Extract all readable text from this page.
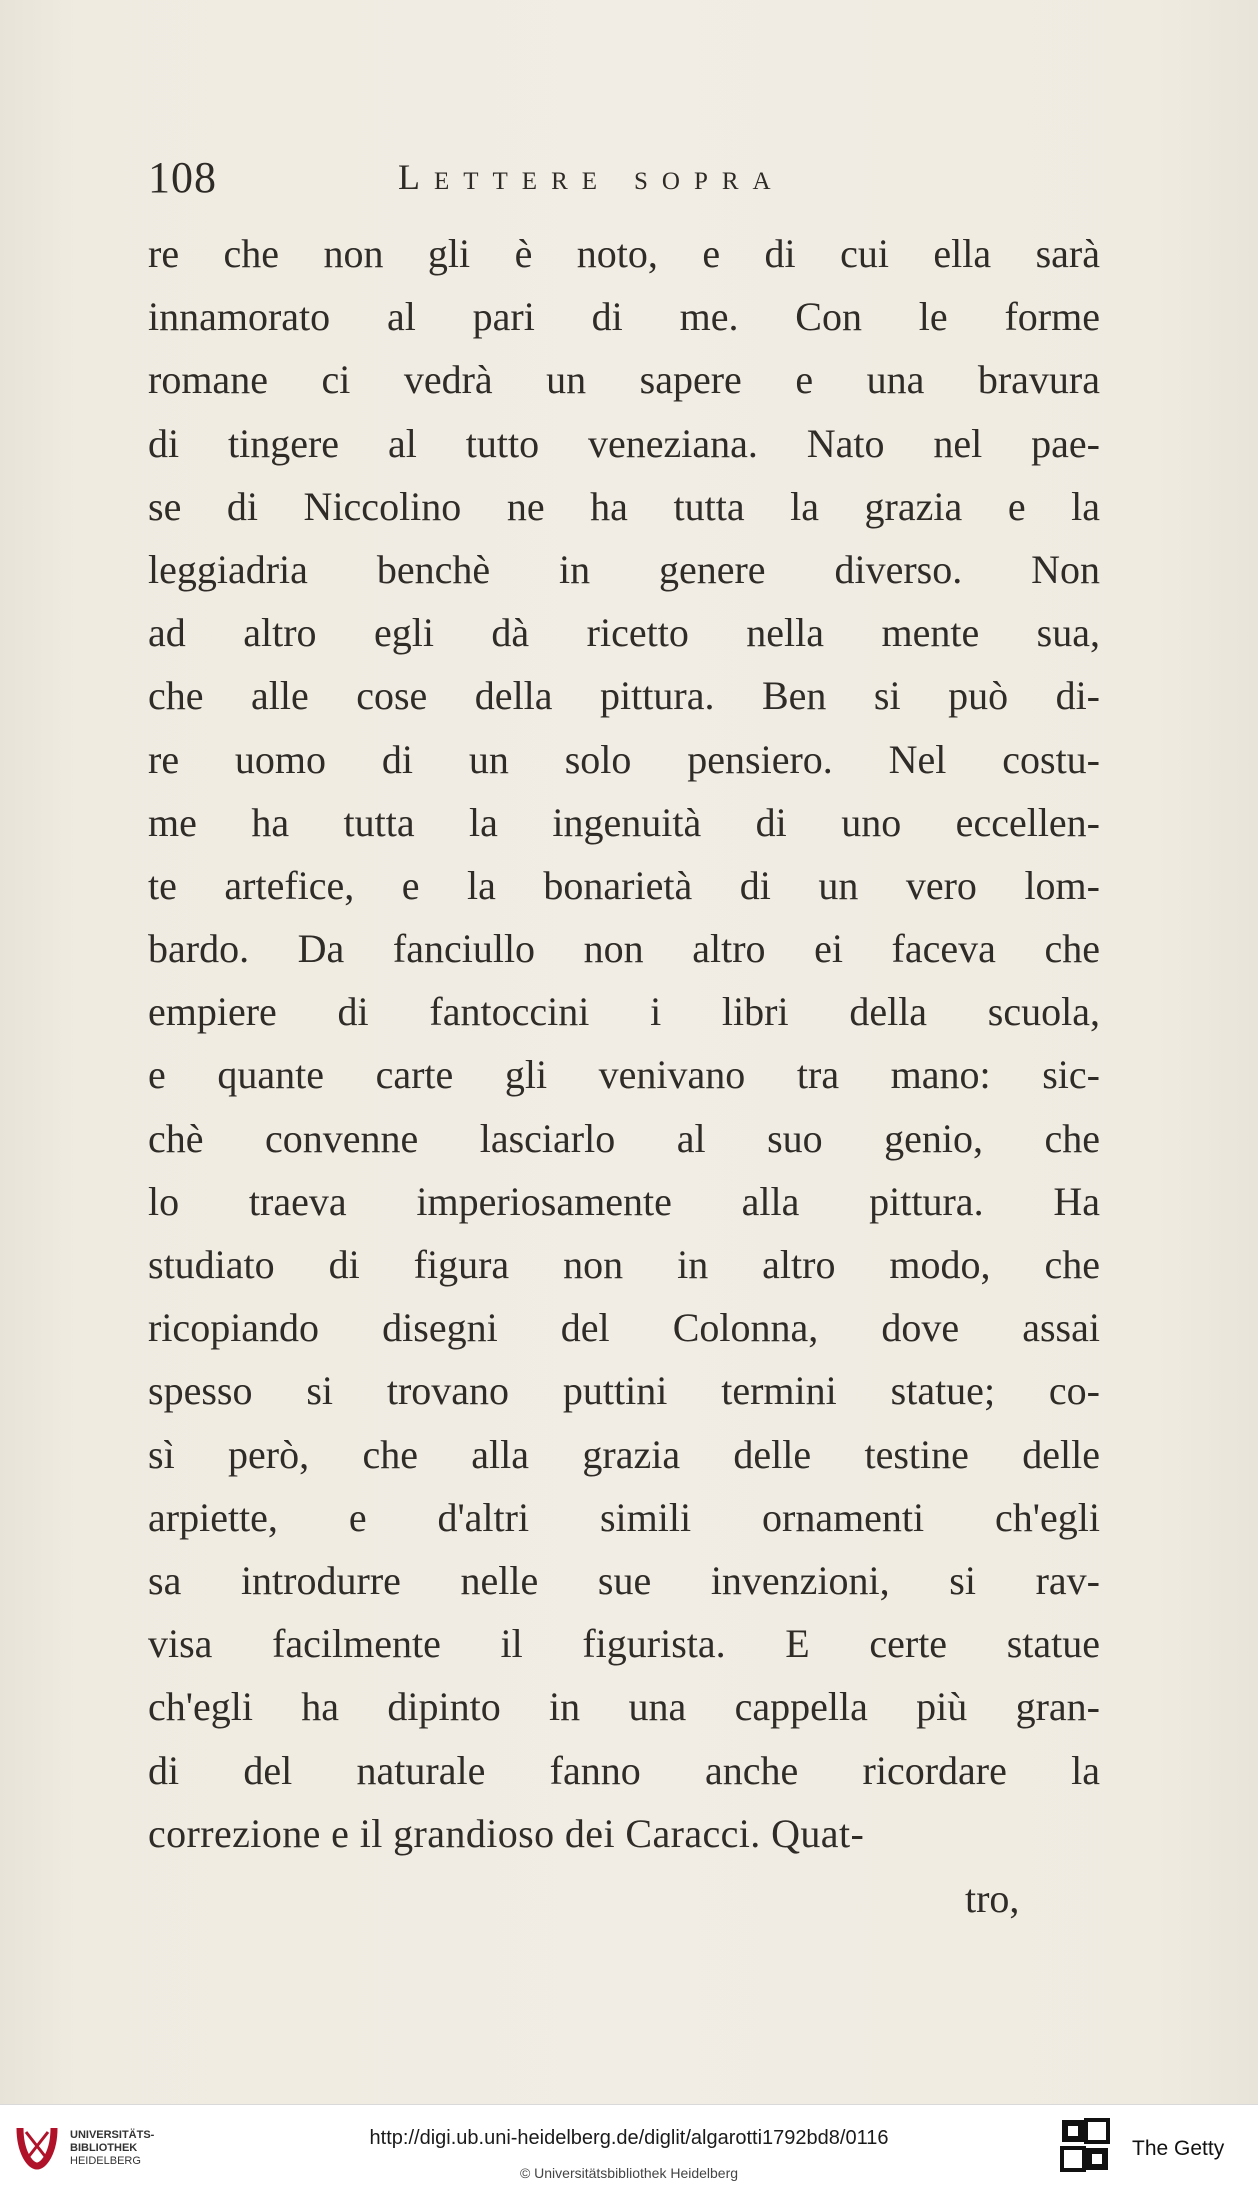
108	Lettere sopra
re che non gli è noto, e di cui ella sarà
innamorato al pari di me. Con le forme
romane ci vedrà un sapere e una bravura
di tingere al tutto veneziana. Nato nel pae-
se di Niccolino ne ha tutta la grazia e la
leggiadria benchè in genere diverso. Non
ad altro egli dà ricetto nella mente sua,
che alle cose della pittura. Ben si può di-
re uomo di un solo pensiero. Nel costu-
me ha tutta la ingenuità di uno eccellen-
te artefice, e la bonarietà di un vero lom-
bardo. Da fanciullo non altro ei faceva che
empiere di fantoccini i libri della scuola,
e quante carte gli venivano tra mano: sic-
chè convenne lasciarlo al suo genio, che
lo traeva imperiosamente alla pittura. Ha
studiato di figura non in altro modo, che
ricopiando disegni del Colonna, dove assai
spesso si trovano puttini termini statue; co-
sì però, che alla grazia delle testine delle
arpiette, e d'altri simili ornamenti ch'egli
sa introdurre nelle sue invenzioni, si rav-
visa facilmente il figurista. E certe statue
ch'egli ha dipinto in una cappella più gran-
di del naturale fanno anche ricordare la
correzione e il grandioso dei Caracci. Quat-
tro,
UNIVERSITÄTS-
BIBLIOTHEK
HEIDELBERG
http://digi.ub.uni-heidelberg.de/diglit/algarotti1792bd8/0116
© Universitätsbibliothek Heidelberg
The Getty
